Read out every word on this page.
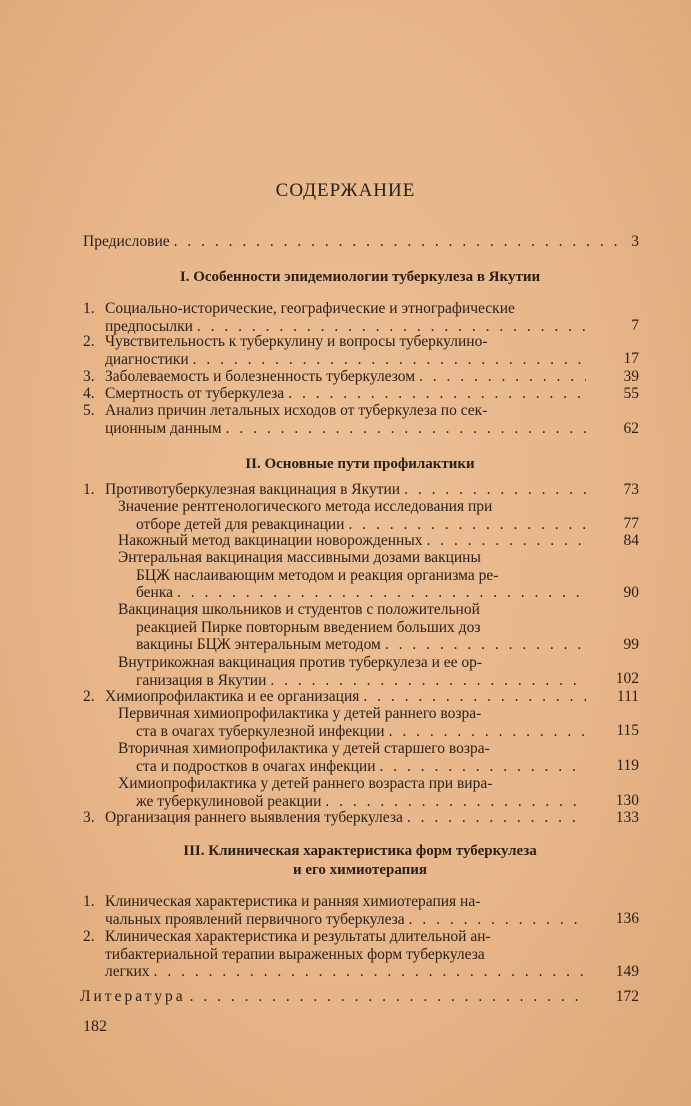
СОДЕРЖАНИЕ
Предисловие . . .	3
I. Особенности эпидемиологии туберкулеза в Якутии
1. Социально-исторические, географические и этнографические
предпосылки . . .	7
2. Чувствительность к туберкулину и вопросы туберкулино-
диагностики . . .	17
3. Заболеваемость и болезненность туберкулезом . . .	39
4. Смертность от туберкулеза . . .	55
5. Анализ причин летальных исходов от туберкулеза по сек-
ционным данным . . .	62
II. Основные пути профилактики
1. Противотуберкулезная вакцинация в Якутии . . .	73
Значение рентгенологического метода исследования при
отборе детей для ревакцинации . . .	77
Накожный метод вакцинации новорожденных . . .	84
Энтеральная вакцинация массивными дозами вакцины
БЦЖ наслаивающим методом и реакция организма ре-
бенка . . .	90
Вакцинация школьников и студентов с положительной
реакцией Пирке повторным введением больших доз
вакцины БЦЖ энтеральным методом . . .	99
Внутрикожная вакцинация против туберкулеза и ее ор-
ганизация в Якутии . . .	102
2. Химиопрофилактика и ее организация . . .	111
Первичная химиопрофилактика у детей раннего возра-
ста в очагах туберкулезной инфекции . . .	115
Вторичная химиопрофилактика у детей старшего возра-
ста и подростков в очагах инфекции . . .	119
Химиопрофилактика у детей раннего возраста при вира-
же туберкулиновой реакции . . .	130
3. Организация раннего выявления туберкулеза . . .	133
III. Клиническая характеристика форм туберкулеза
и его химиотерапия
1. Клиническая характеристика и ранняя химиотерапия на-
чальных проявлений первичного туберкулеза . . .	136
2. Клиническая характеристика и результаты длительной ан-
тибактериальной терапии выраженных форм туберкулеза
легких . . .	149
Литература . . .	172
182
